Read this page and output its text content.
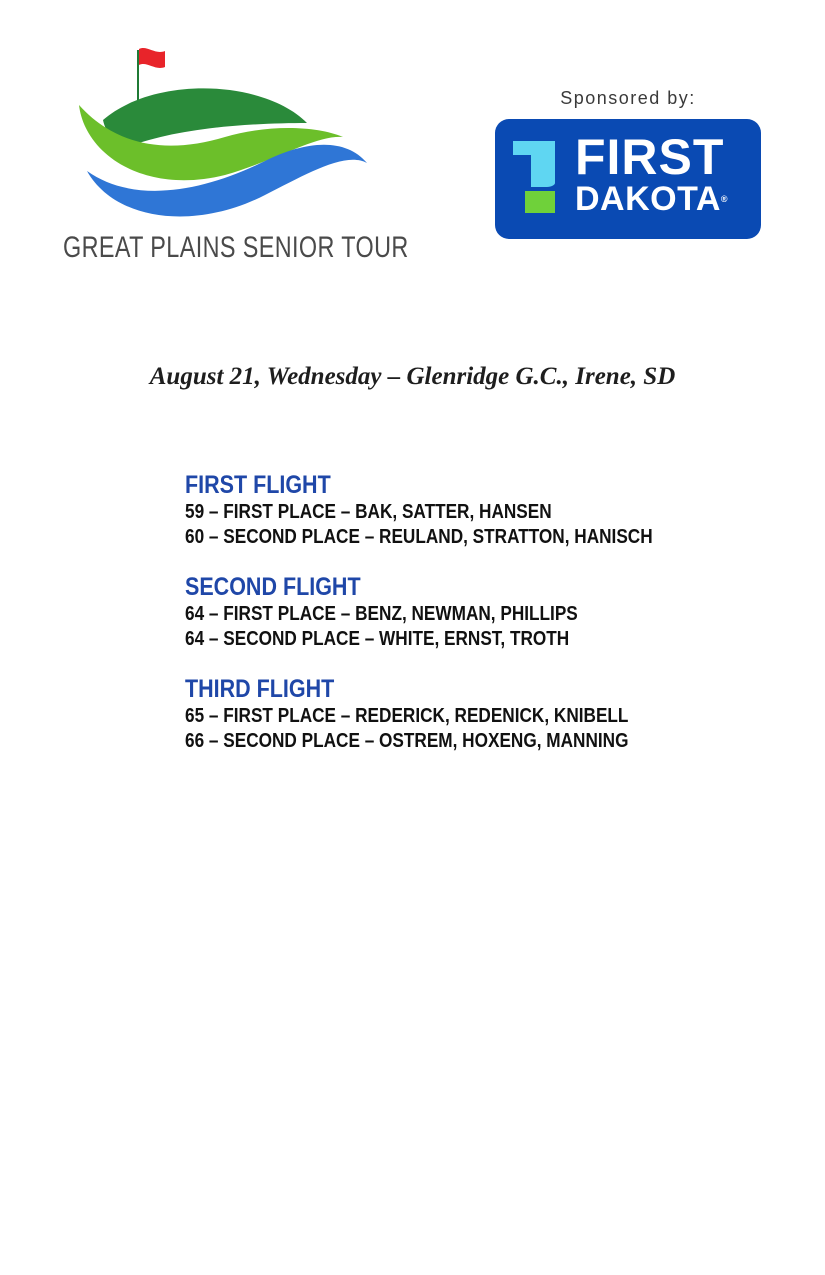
GREAT PLAINS SENIOR TOUR
Sponsored by:
FIRST
DAKOTA®
August 21, Wednesday – Glenridge G.C., Irene, SD
FIRST FLIGHT
59 – FIRST PLACE – BAK, SATTER, HANSEN
60 – SECOND PLACE – REULAND, STRATTON, HANISCH
SECOND FLIGHT
64 – FIRST PLACE – BENZ, NEWMAN, PHILLIPS
64 – SECOND PLACE – WHITE, ERNST, TROTH
THIRD FLIGHT
65 – FIRST PLACE – REDERICK, REDENICK, KNIBELL
66 – SECOND PLACE – OSTREM, HOXENG, MANNING
